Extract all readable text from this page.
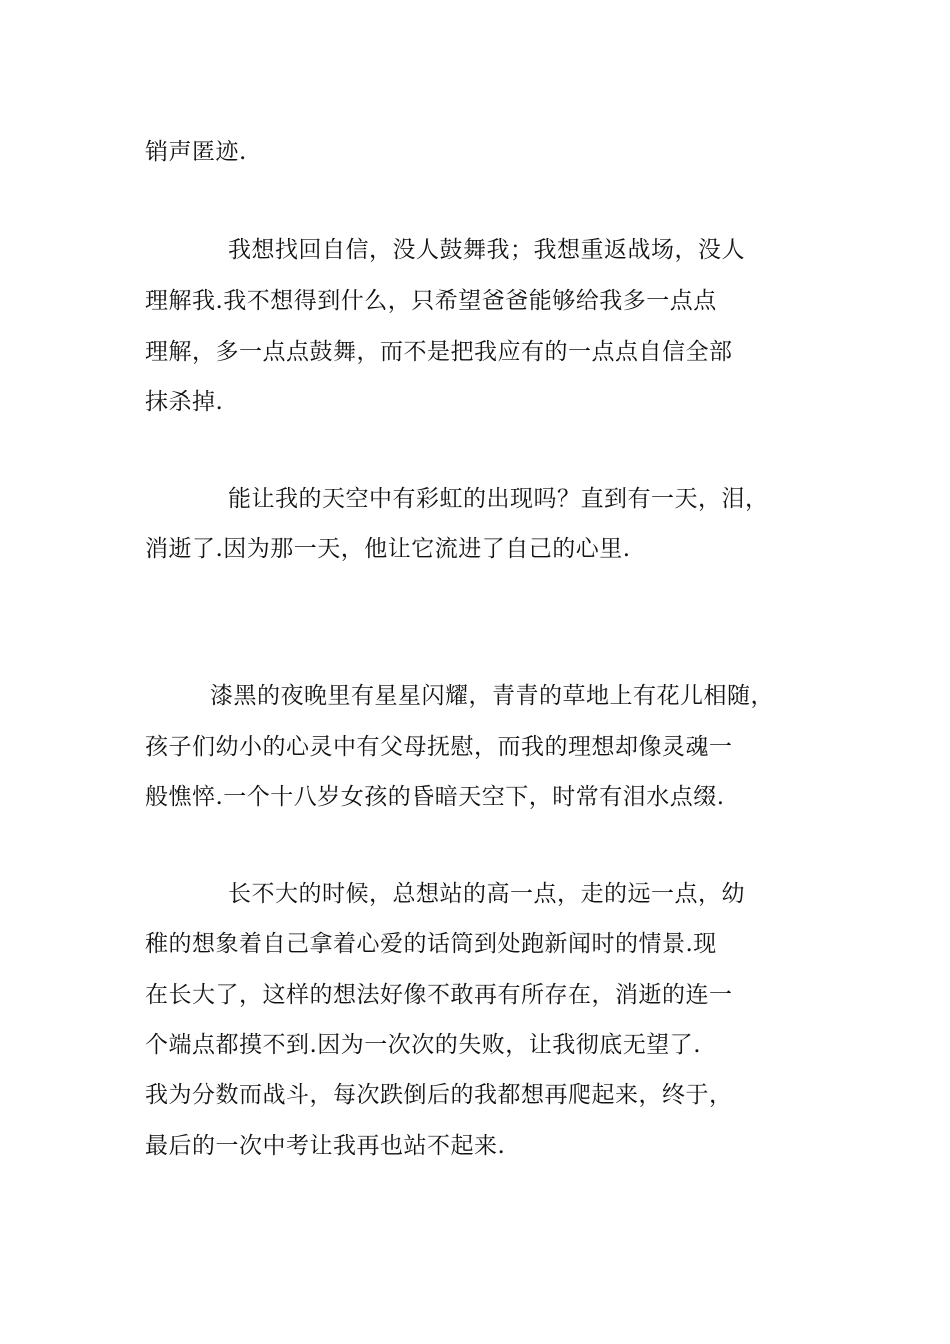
销声匿迹.
我想找回自信，没人鼓舞我；我想重返战场，没人
理解我.我不想得到什么，只希望爸爸能够给我多一点点
理解，多一点点鼓舞，而不是把我应有的一点点自信全部
抹杀掉.
能让我的天空中有彩虹的出现吗？直到有一天，泪，
消逝了.因为那一天，他让它流进了自己的心里.
漆黑的夜晚里有星星闪耀，青青的草地上有花儿相随，
孩子们幼小的心灵中有父母抚慰，而我的理想却像灵魂一
般憔悴.一个十八岁女孩的昏暗天空下，时常有泪水点缀.
长不大的时候，总想站的高一点，走的远一点，幼
稚的想象着自己拿着心爱的话筒到处跑新闻时的情景.现
在长大了，这样的想法好像不敢再有所存在，消逝的连一
个端点都摸不到.因为一次次的失败，让我彻底无望了.
我为分数而战斗，每次跌倒后的我都想再爬起来，终于，
最后的一次中考让我再也站不起来.
